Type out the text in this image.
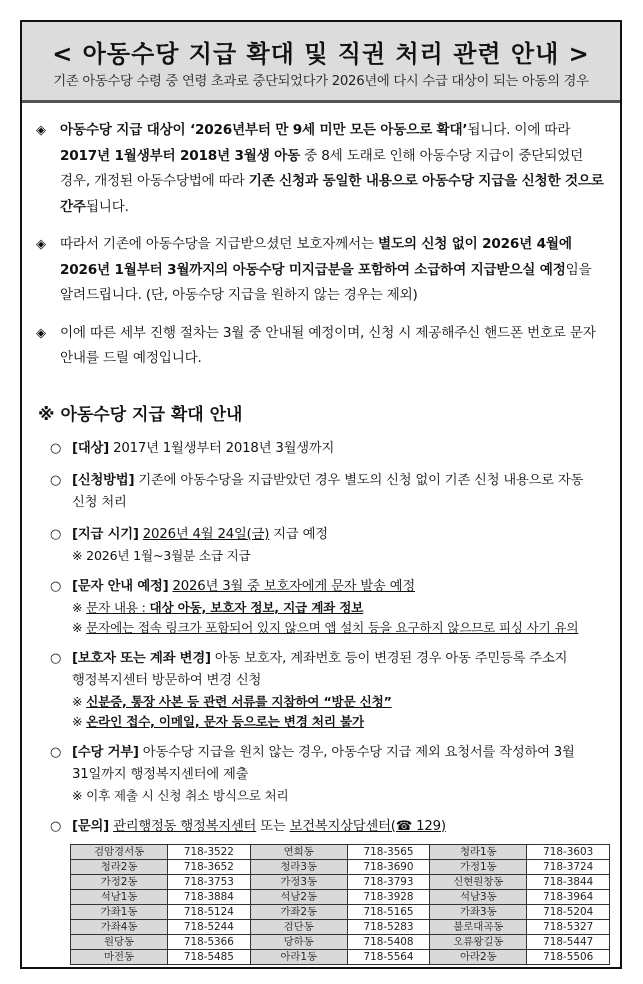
< 아동수당 지급 확대 및 직권 처리 관련 안내 >
기존 아동수당 수령 중 연령 초과로 중단되었다가 2026년에 다시 수급 대상이 되는 아동의 경우
◈ 아동수당 지급 대상이 ‘2026년부터 만 9세 미만 모든 아동으로 확대’됩니다. 이에 따라 2017년 1월생부터 2018년 3월생 아동 중 8세 도래로 인해 아동수당 지급이 중단되었던 경우, 개정된 아동수당법에 따라 기존 신청과 동일한 내용으로 아동수당 지급을 신청한 것으로 간주됩니다.
◈ 따라서 기존에 아동수당을 지급받으셨던 보호자께서는 별도의 신청 없이 2026년 4월에 2026년 1월부터 3월까지의 아동수당 미지급분을 포함하여 소급하여 지급받으실 예정임을 알려드립니다. (단, 아동수당 지급을 원하지 않는 경우는 제외)
◈ 이에 따른 세부 진행 절차는 3월 중 안내될 예정이며, 신청 시 제공해주신 핸드폰 번호로 문자 안내를 드릴 예정입니다.
※ 아동수당 지급 확대 안내
○ [대상] 2017년 1월생부터 2018년 3월생까지
○ [신청방법] 기존에 아동수당을 지급받았던 경우 별도의 신청 없이 기존 신청 내용으로 자동 신청 처리
○ [지급 시기] 2026년 4월 24일(금) 지급 예정
※ 2026년 1월~3월분 소급 지급
○ [문자 안내 예정] 2026년 3월 중 보호자에게 문자 발송 예정
※ 문자 내용 : 대상 아동, 보호자 정보, 지급 계좌 정보
※ 문자에는 접속 링크가 포함되어 있지 않으며 앱 설치 등을 요구하지 않으므로 피싱 사기 유의
○ [보호자 또는 계좌 변경] 아동 보호자, 계좌번호 등이 변경된 경우 아동 주민등록 주소지 행정복지센터 방문하여 변경 신청
※ 신분증, 통장 사본 등 관련 서류를 지참하여 “방문 신청”
※ 온라인 접수, 이메일, 문자 등으로는 변경 처리 불가
○ [수당 거부] 아동수당 지급을 원치 않는 경우, 아동수당 지급 제외 요청서를 작성하여 3월 31일까지 행정복지센터에 제출
※ 이후 제출 시 신청 취소 방식으로 처리
○ [문의] 관리행정동 행정복지센터 또는 보건복지상담센터(☎ 129)
검암경서동	718-3522	연희동	718-3565	청라1동	718-3603
청라2동	718-3652	청라3동	718-3690	가정1동	718-3724
가정2동	718-3753	가정3동	718-3793	신현원창동	718-3844
석남1동	718-3884	석남2동	718-3928	석남3동	718-3964
가좌1동	718-5124	가좌2동	718-5165	가좌3동	718-5204
가좌4동	718-5244	검단동	718-5283	불로대곡동	718-5327
원당동	718-5366	당하동	718-5408	오류왕길동	718-5447
마전동	718-5485	아라1동	718-5564	아라2동	718-5506
